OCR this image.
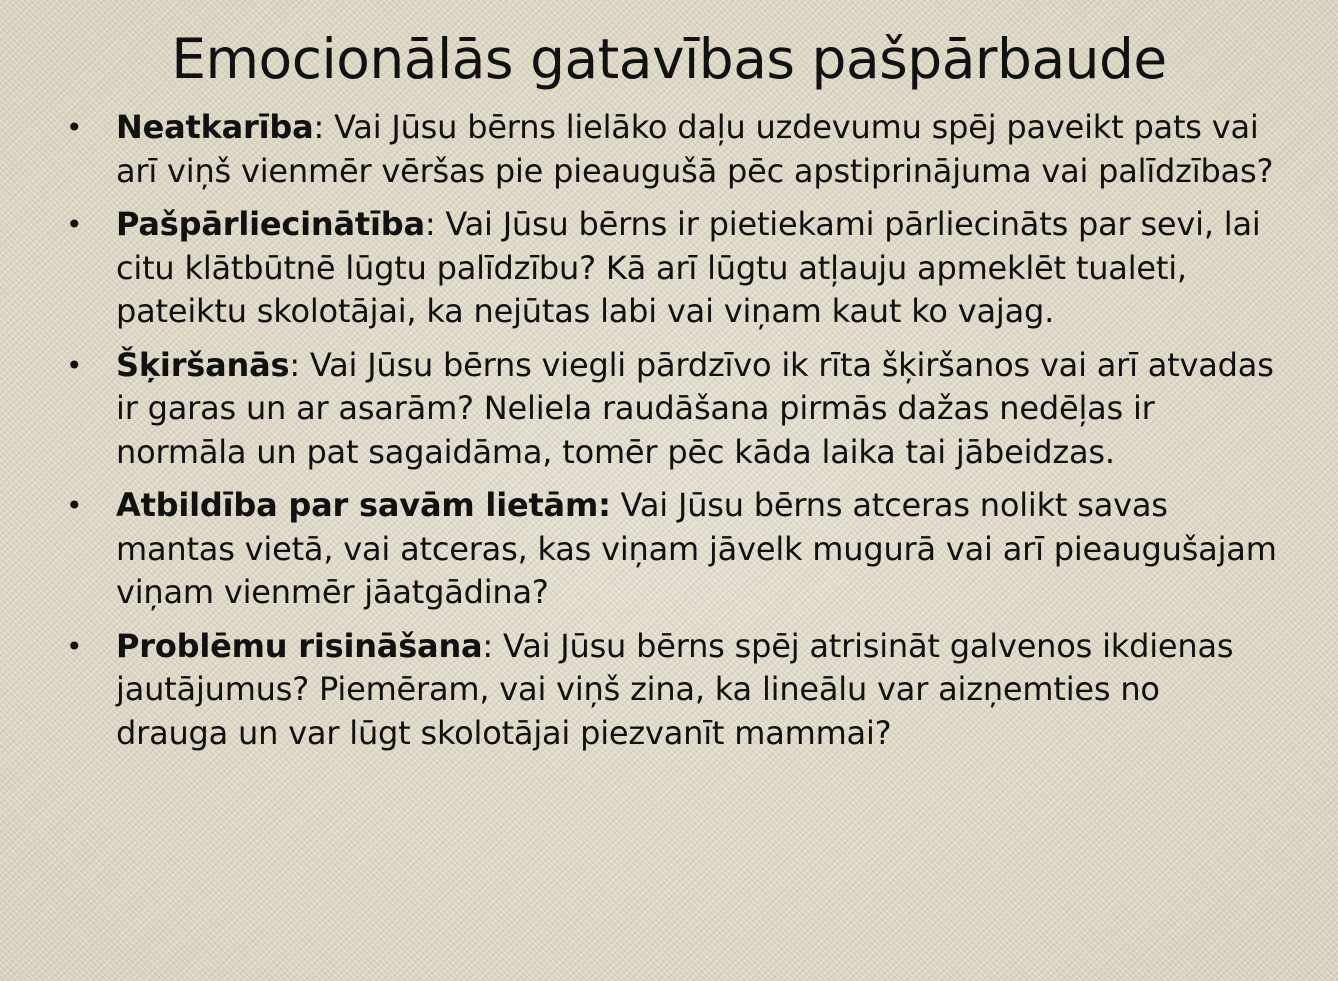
Emocionālās gatavības pašpārbaude
• Neatkarība: Vai Jūsu bērns lielāko daļu uzdevumu spēj paveikt pats vai arī viņš vienmēr vēršas pie pieaugušā pēc apstiprinājuma vai palīdzības?
• Pašpārliecinātība: Vai Jūsu bērns ir pietiekami pārliecināts par sevi, lai citu klātbūtnē lūgtu palīdzību? Kā arī lūgtu atļauju apmeklēt tualeti, pateiktu skolotājai, ka nejūtas labi vai viņam kaut ko vajag.
• Šķiršanās: Vai Jūsu bērns viegli pārdzīvo ik rīta šķiršanos vai arī atvadas ir garas un ar asarām? Neliela raudāšana pirmās dažas nedēļas ir normāla un pat sagaidāma, tomēr pēc kāda laika tai jābeidzas.
• Atbildība par savām lietām: Vai Jūsu bērns atceras nolikt savas mantas vietā, vai atceras, kas viņam jāvelk mugurā vai arī pieaugušajam viņam vienmēr jāatgādina?
• Problēmu risināšana: Vai Jūsu bērns spēj atrisināt galvenos ikdienas jautājumus? Piemēram, vai viņš zina, ka lineālu var aizņemties no drauga un var lūgt skolotājai piezvanīt mammai?
